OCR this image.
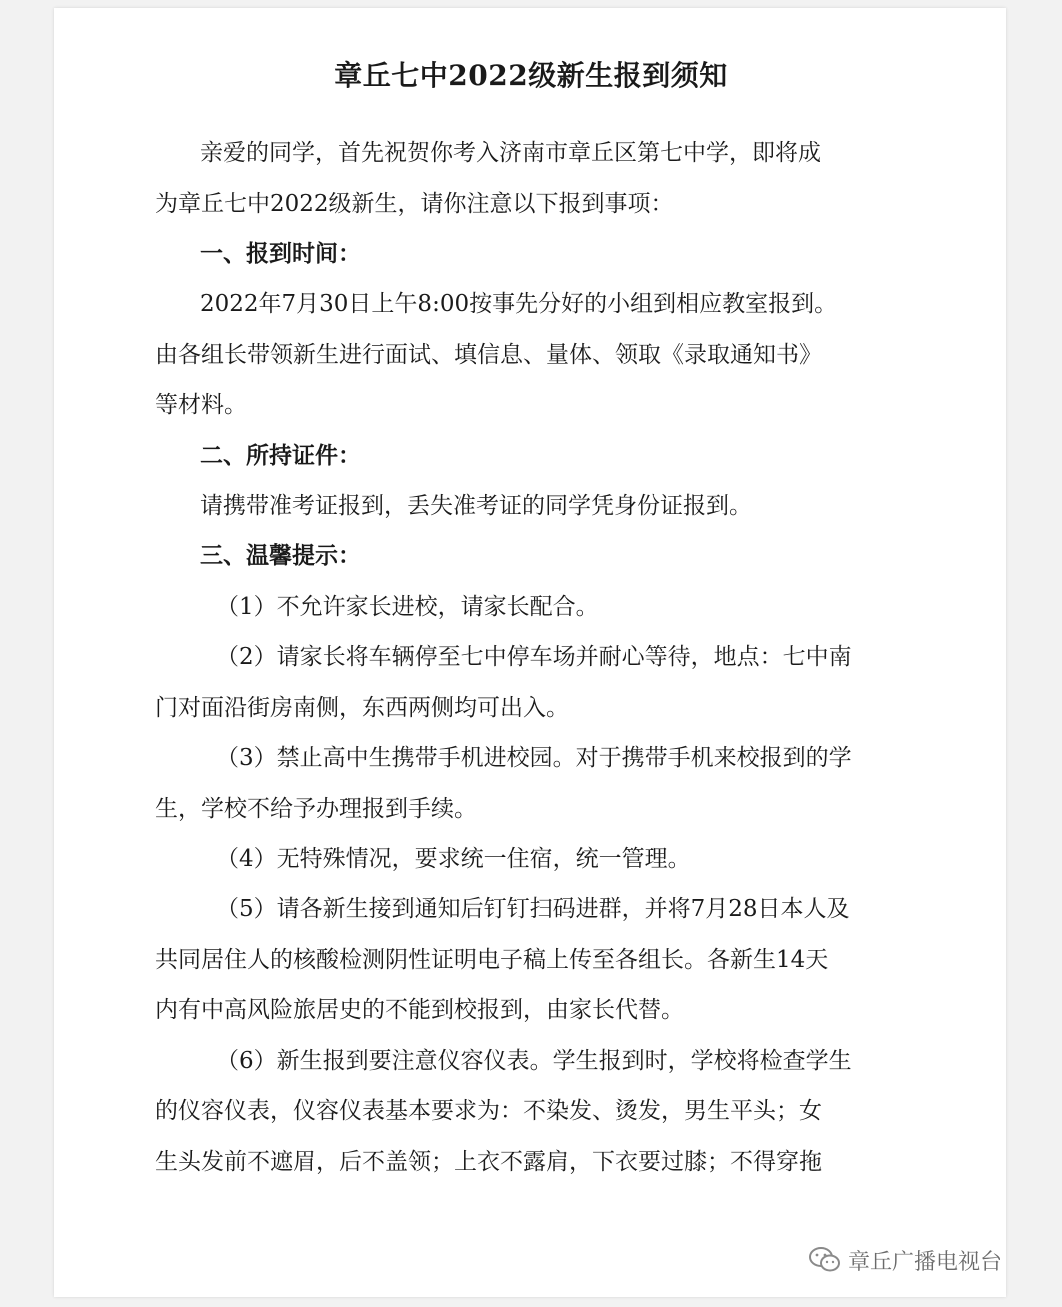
章丘七中2022级新生报到须知

亲爱的同学，首先祝贺你考入济南市章丘区第七中学，即将成

为章丘七中2022级新生，请你注意以下报到事项：

一、报到时间：

2022年7月30日上午8:00按事先分好的小组到相应教室报到。

由各组长带领新生进行面试、填信息、量体、领取《录取通知书》

等材料。

二、所持证件：

请携带准考证报到，丢失准考证的同学凭身份证报到。

三、温馨提示：

（1）不允许家长进校，请家长配合。

（2）请家长将车辆停至七中停车场并耐心等待，地点：七中南

门对面沿街房南侧，东西两侧均可出入。

（3）禁止高中生携带手机进校园。对于携带手机来校报到的学

生，学校不给予办理报到手续。

（4）无特殊情况，要求统一住宿，统一管理。

（5）请各新生接到通知后钉钉扫码进群，并将7月28日本人及

共同居住人的核酸检测阴性证明电子稿上传至各组长。各新生14天

内有中高风险旅居史的不能到校报到，由家长代替。

（6）新生报到要注意仪容仪表。学生报到时，学校将检查学生

的仪容仪表，仪容仪表基本要求为：不染发、烫发，男生平头；女

生头发前不遮眉，后不盖领；上衣不露肩，下衣要过膝；不得穿拖

章丘广播电视台
